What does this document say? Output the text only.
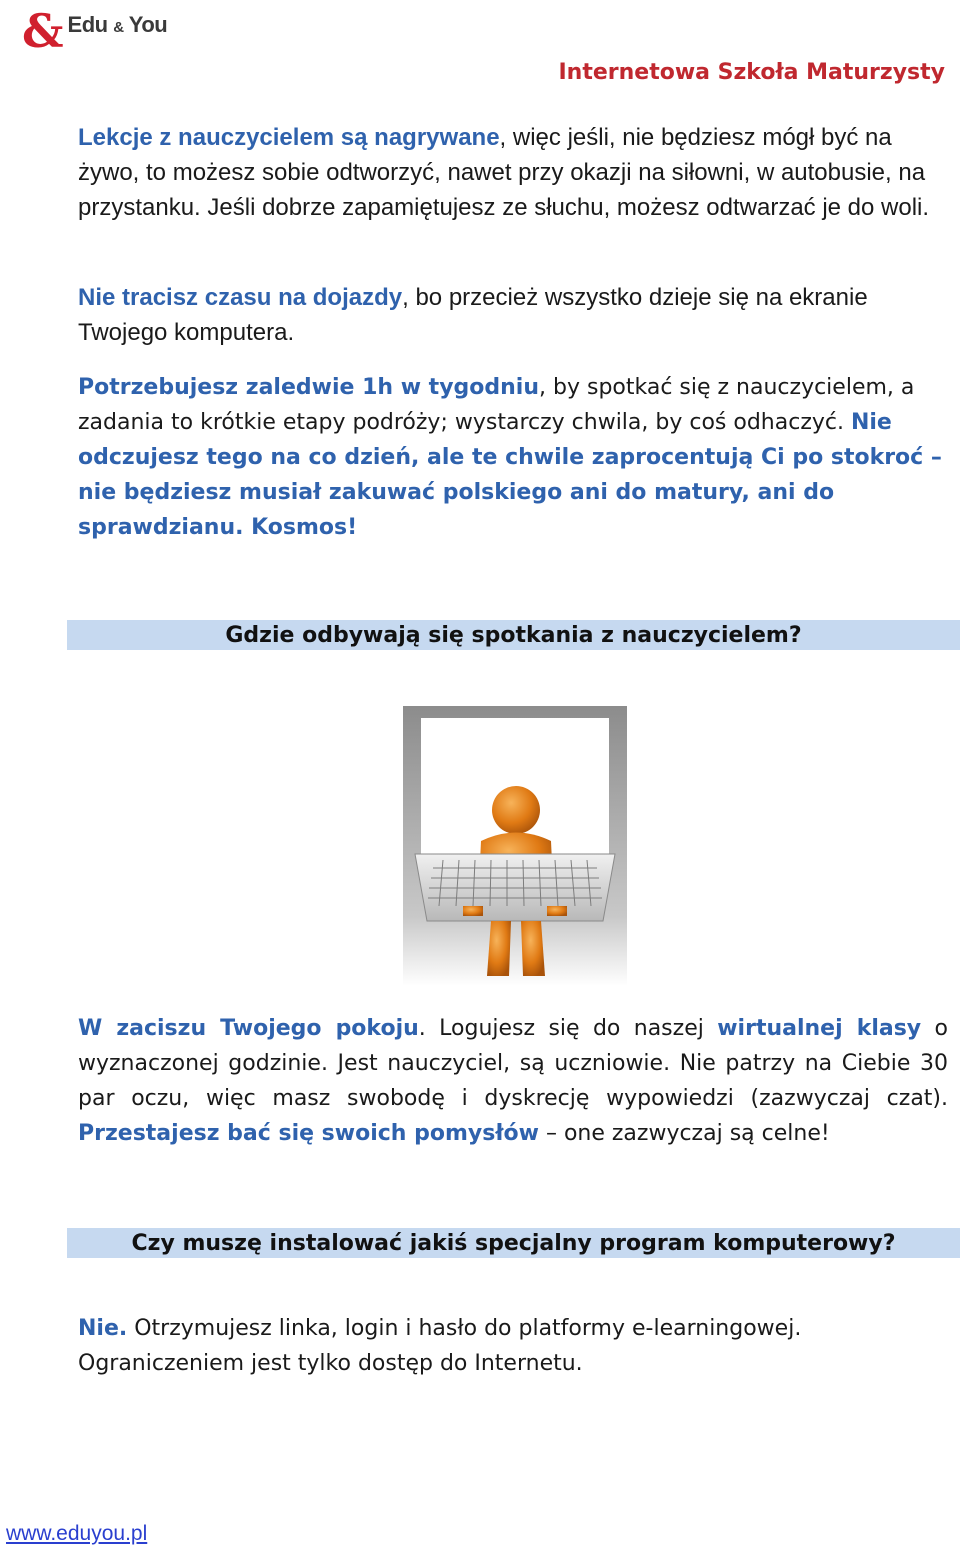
& Edu & You
Internetowa Szkoła Maturzysty

Lekcje z nauczycielem są nagrywane, więc jeśli, nie będziesz mógł być na żywo, to możesz sobie odtworzyć, nawet przy okazji na siłowni, w autobusie, na przystanku. Jeśli dobrze zapamiętujesz ze słuchu, możesz odtwarzać je do woli.

Nie tracisz czasu na dojazdy, bo przecież wszystko dzieje się na ekranie Twojego komputera.

Potrzebujesz zaledwie 1h w tygodniu, by spotkać się z nauczycielem, a zadania to krótkie etapy podróży; wystarczy chwila, by coś odhaczyć. Nie odczujesz tego na co dzień, ale te chwile zaprocentują Ci po stokroć – nie będziesz musiał zakuwać polskiego ani do matury, ani do sprawdzianu. Kosmos!

Gdzie odbywają się spotkania z nauczycielem?

W zaciszu Twojego pokoju. Logujesz się do naszej wirtualnej klasy o wyznaczonej godzinie. Jest nauczyciel, są uczniowie. Nie patrzy na Ciebie 30 par oczu, więc masz swobodę i dyskrecję wypowiedzi (zazwyczaj czat). Przestajesz bać się swoich pomysłów – one zazwyczaj są celne!

Czy muszę instalować jakiś specjalny program komputerowy?

Nie. Otrzymujesz linka, login i hasło do platformy e-learningowej. Ograniczeniem jest tylko dostęp do Internetu.

www.eduyou.pl
